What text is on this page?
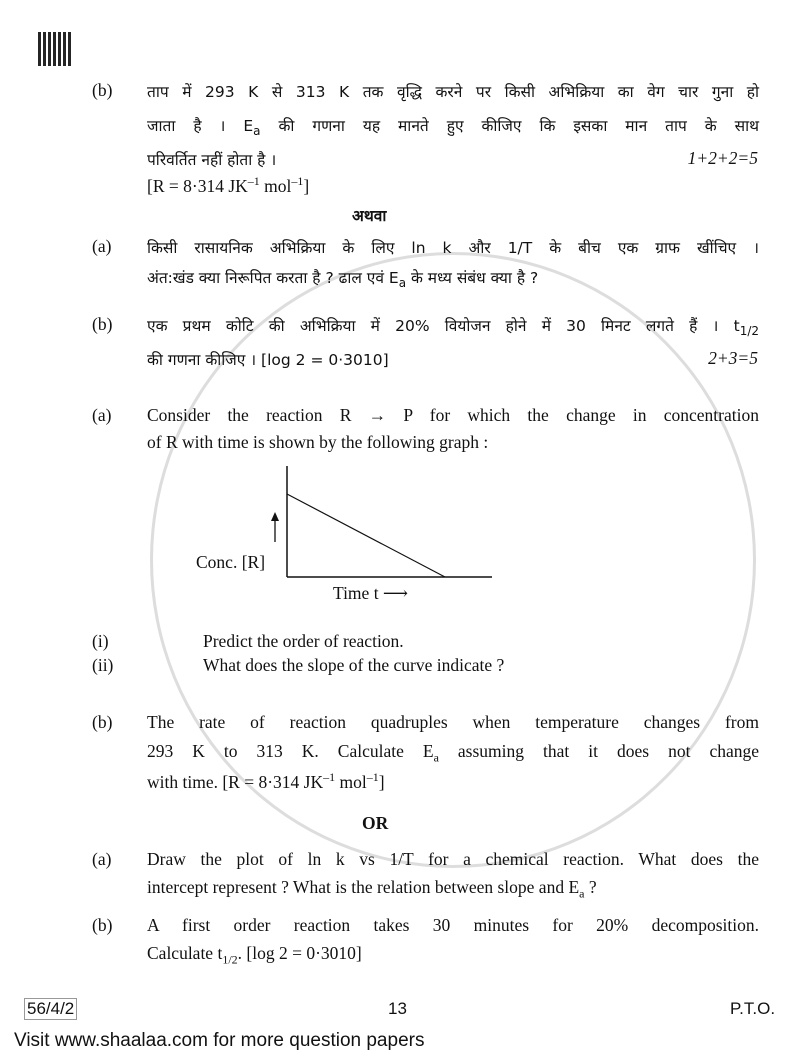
(b) ताप में 293 K से 313 K तक वृद्धि करने पर किसी अभिक्रिया का वेग चार गुना हो
जाता है । $E_a$ की गणना यह मानते हुए कीजिए कि इसका मान ताप के साथ
परिवर्तित नहीं होता है ।	1+2+2=5
[R = 8·314 $JK^{-1}$ mol$^{-1}$]
अथवा
(a) किसी रासायनिक अभिक्रिया के लिए ln k और 1/T के बीच एक ग्राफ खींचिए ।
अंत:खंड क्या निरूपित करता है ? ढाल एवं $E_a$ के मध्य संबंध क्या है ?
(b) एक प्रथम कोटि की अभिक्रिया में 20% वियोजन होने में 30 मिनट लगते हैं । $t_{1/2}$
की गणना कीजिए । [log 2 = 0·3010]	2+3=5
(a) Consider the reaction R → P for which the change in concentration
of R with time is shown by the following graph :
Conc. [R]
Time t ⟶
(i)	Predict the order of reaction.
(ii)	What does the slope of the curve indicate ?
(b) The rate of reaction quadruples when temperature changes from
293 K to 313 K. Calculate $E_a$ assuming that it does not change
with time. [R = 8·314 $JK^{-1}$ mol$^{-1}$]
OR
(a) Draw the plot of ln k vs 1/T for a chemical reaction. What does the
intercept represent ? What is the relation between slope and $E_a$ ?
(b) A first order reaction takes 30 minutes for 20% decomposition.
Calculate $t_{1/2}$. [log 2 = 0·3010]
56/4/2	13	P.T.O.
Visit www.shaalaa.com for more question papers
